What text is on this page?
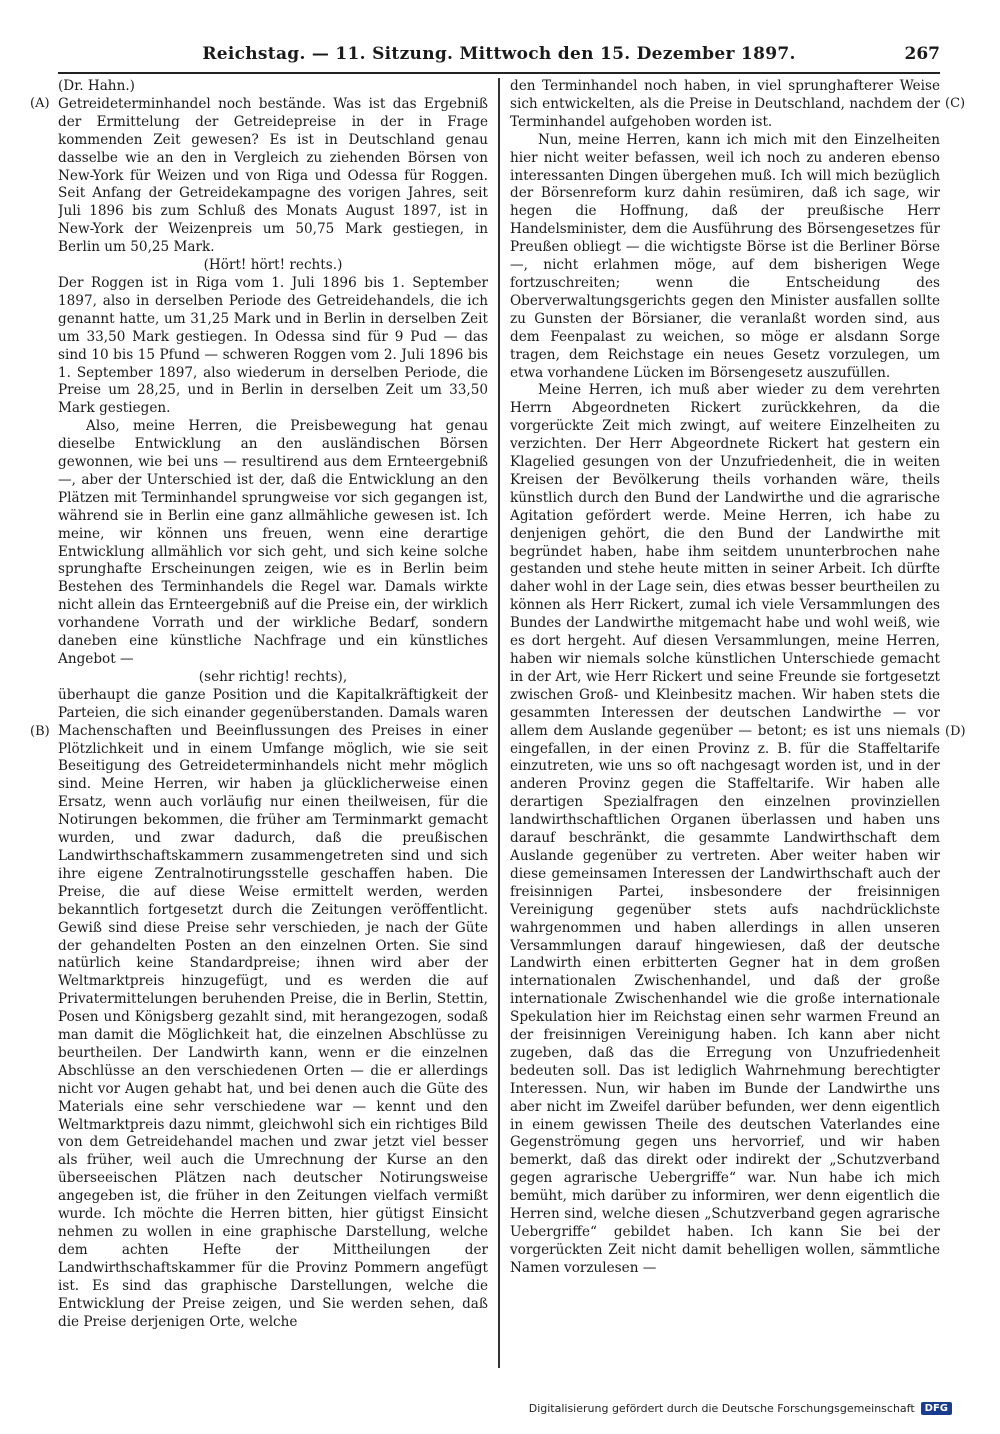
Reichstag. — 11. Sitzung. Mittwoch den 15. Dezember 1897.	267
(A)
(B)
(C)
(D)

(Dr. Hahn.)

Getreideterminhandel noch bestände. Was ist das Ergebniß der Ermittelung der Getreidepreise in der in Frage kommenden Zeit gewesen? Es ist in Deutschland genau dasselbe wie an den in Vergleich zu ziehenden Börsen von New-York für Weizen und von Riga und Odessa für Roggen. Seit Anfang der Getreidekampagne des vorigen Jahres, seit Juli 1896 bis zum Schluß des Monats August 1897, ist in New-York der Weizenpreis um 50,75 Mark gestiegen, in Berlin um 50,25 Mark.

(Hört! hört! rechts.)

Der Roggen ist in Riga vom 1. Juli 1896 bis 1. September 1897, also in derselben Periode des Getreidehandels, die ich genannt hatte, um 31,25 Mark und in Berlin in derselben Zeit um 33,50 Mark gestiegen. In Odessa sind für 9 Pud — das sind 10 bis 15 Pfund — schweren Roggen vom 2. Juli 1896 bis 1. September 1897, also wiederum in derselben Periode, die Preise um 28,25, und in Berlin in derselben Zeit um 33,50 Mark gestiegen.

Also, meine Herren, die Preisbewegung hat genau dieselbe Entwicklung an den ausländischen Börsen gewonnen, wie bei uns — resultirend aus dem Ernteergebniß —, aber der Unterschied ist der, daß die Entwicklung an den Plätzen mit Terminhandel sprungweise vor sich gegangen ist, während sie in Berlin eine ganz allmähliche gewesen ist. Ich meine, wir können uns freuen, wenn eine derartige Entwicklung allmählich vor sich geht, und sich keine solche sprunghafte Erscheinungen zeigen, wie es in Berlin beim Bestehen des Terminhandels die Regel war. Damals wirkte nicht allein das Ernteergebniß auf die Preise ein, der wirklich vorhandene Vorrath und der wirkliche Bedarf, sondern daneben eine künstliche Nachfrage und ein künstliches Angebot —

(sehr richtig! rechts),

überhaupt die ganze Position und die Kapitalkräftigkeit der Parteien, die sich einander gegenüberstanden. Damals waren Machenschaften und Beeinflussungen des Preises in einer Plötzlichkeit und in einem Umfange möglich, wie sie seit Beseitigung des Getreideterminhandels nicht mehr möglich sind. Meine Herren, wir haben ja glücklicherweise einen Ersatz, wenn auch vorläufig nur einen theilweisen, für die Notirungen bekommen, die früher am Terminmarkt gemacht wurden, und zwar dadurch, daß die preußischen Landwirthschaftskammern zusammengetreten sind und sich ihre eigene Zentralnotirungsstelle geschaffen haben. Die Preise, die auf diese Weise ermittelt werden, werden bekanntlich fortgesetzt durch die Zeitungen veröffentlicht. Gewiß sind diese Preise sehr verschieden, je nach der Güte der gehandelten Posten an den einzelnen Orten. Sie sind natürlich keine Standardpreise; ihnen wird aber der Weltmarktpreis hinzugefügt, und es werden die auf Privatermittelungen beruhenden Preise, die in Berlin, Stettin, Posen und Königsberg gezahlt sind, mit herangezogen, sodaß man damit die Möglichkeit hat, die einzelnen Abschlüsse zu beurtheilen. Der Landwirth kann, wenn er die einzelnen Abschlüsse an den verschiedenen Orten — die er allerdings nicht vor Augen gehabt hat, und bei denen auch die Güte des Materials eine sehr verschiedene war — kennt und den Weltmarktpreis dazu nimmt, gleichwohl sich ein richtiges Bild von dem Getreidehandel machen und zwar jetzt viel besser als früher, weil auch die Umrechnung der Kurse an den überseeischen Plätzen nach deutscher Notirungsweise angegeben ist, die früher in den Zeitungen vielfach vermißt wurde. Ich möchte die Herren bitten, hier gütigst Einsicht nehmen zu wollen in eine graphische Darstellung, welche dem achten Hefte der Mittheilungen der Landwirthschaftskammer für die Provinz Pommern angefügt ist. Es sind das graphische Darstellungen, welche die Entwicklung der Preise zeigen, und Sie werden sehen, daß die Preise derjenigen Orte, welche

den Terminhandel noch haben, in viel sprunghafterer Weise sich entwickelten, als die Preise in Deutschland, nachdem der Terminhandel aufgehoben worden ist.

Nun, meine Herren, kann ich mich mit den Einzelheiten hier nicht weiter befassen, weil ich noch zu anderen ebenso interessanten Dingen übergehen muß. Ich will mich bezüglich der Börsenreform kurz dahin resümiren, daß ich sage, wir hegen die Hoffnung, daß der preußische Herr Handelsminister, dem die Ausführung des Börsengesetzes für Preußen obliegt — die wichtigste Börse ist die Berliner Börse —, nicht erlahmen möge, auf dem bisherigen Wege fortzuschreiten; wenn die Entscheidung des Oberverwaltungsgerichts gegen den Minister ausfallen sollte zu Gunsten der Börsianer, die veranlaßt worden sind, aus dem Feenpalast zu weichen, so möge er alsdann Sorge tragen, dem Reichstage ein neues Gesetz vorzulegen, um etwa vorhandene Lücken im Börsengesetz auszufüllen.

Meine Herren, ich muß aber wieder zu dem verehrten Herrn Abgeordneten Rickert zurückkehren, da die vorgerückte Zeit mich zwingt, auf weitere Einzelheiten zu verzichten. Der Herr Abgeordnete Rickert hat gestern ein Klagelied gesungen von der Unzufriedenheit, die in weiten Kreisen der Bevölkerung theils vorhanden wäre, theils künstlich durch den Bund der Landwirthe und die agrarische Agitation gefördert werde. Meine Herren, ich habe zu denjenigen gehört, die den Bund der Landwirthe mit begründet haben, habe ihm seitdem ununterbrochen nahe gestanden und stehe heute mitten in seiner Arbeit. Ich dürfte daher wohl in der Lage sein, dies etwas besser beurtheilen zu können als Herr Rickert, zumal ich viele Versammlungen des Bundes der Landwirthe mitgemacht habe und wohl weiß, wie es dort hergeht. Auf diesen Versammlungen, meine Herren, haben wir niemals solche künstlichen Unterschiede gemacht in der Art, wie Herr Rickert und seine Freunde sie fortgesetzt zwischen Groß- und Kleinbesitz machen. Wir haben stets die gesammten Interessen der deutschen Landwirthe — vor allem dem Auslande gegenüber — betont; es ist uns niemals eingefallen, in der einen Provinz z. B. für die Staffeltarife einzutreten, wie uns so oft nachgesagt worden ist, und in der anderen Provinz gegen die Staffeltarife. Wir haben alle derartigen Spezialfragen den einzelnen provinziellen landwirthschaftlichen Organen überlassen und haben uns darauf beschränkt, die gesammte Landwirthschaft dem Auslande gegenüber zu vertreten. Aber weiter haben wir diese gemeinsamen Interessen der Landwirthschaft auch der freisinnigen Partei, insbesondere der freisinnigen Vereinigung gegenüber stets aufs nachdrücklichste wahrgenommen und haben allerdings in allen unseren Versammlungen darauf hingewiesen, daß der deutsche Landwirth einen erbitterten Gegner hat in dem großen internationalen Zwischenhandel, und daß der große internationale Zwischenhandel wie die große internationale Spekulation hier im Reichstag einen sehr warmen Freund an der freisinnigen Vereinigung haben. Ich kann aber nicht zugeben, daß das die Erregung von Unzufriedenheit bedeuten soll. Das ist lediglich Wahrnehmung berechtigter Interessen. Nun, wir haben im Bunde der Landwirthe uns aber nicht im Zweifel darüber befunden, wer denn eigentlich in einem gewissen Theile des deutschen Vaterlandes eine Gegenströmung gegen uns hervorrief, und wir haben bemerkt, daß das direkt oder indirekt der „Schutzverband gegen agrarische Uebergriffe“ war. Nun habe ich mich bemüht, mich darüber zu informiren, wer denn eigentlich die Herren sind, welche diesen „Schutzverband gegen agrarische Uebergriffe“ gebildet haben. Ich kann Sie bei der vorgerückten Zeit nicht damit behelligen wollen, sämmtliche Namen vorzulesen —

Digitalisierung gefördert durch die Deutsche Forschungsgemeinschaft	DFG
